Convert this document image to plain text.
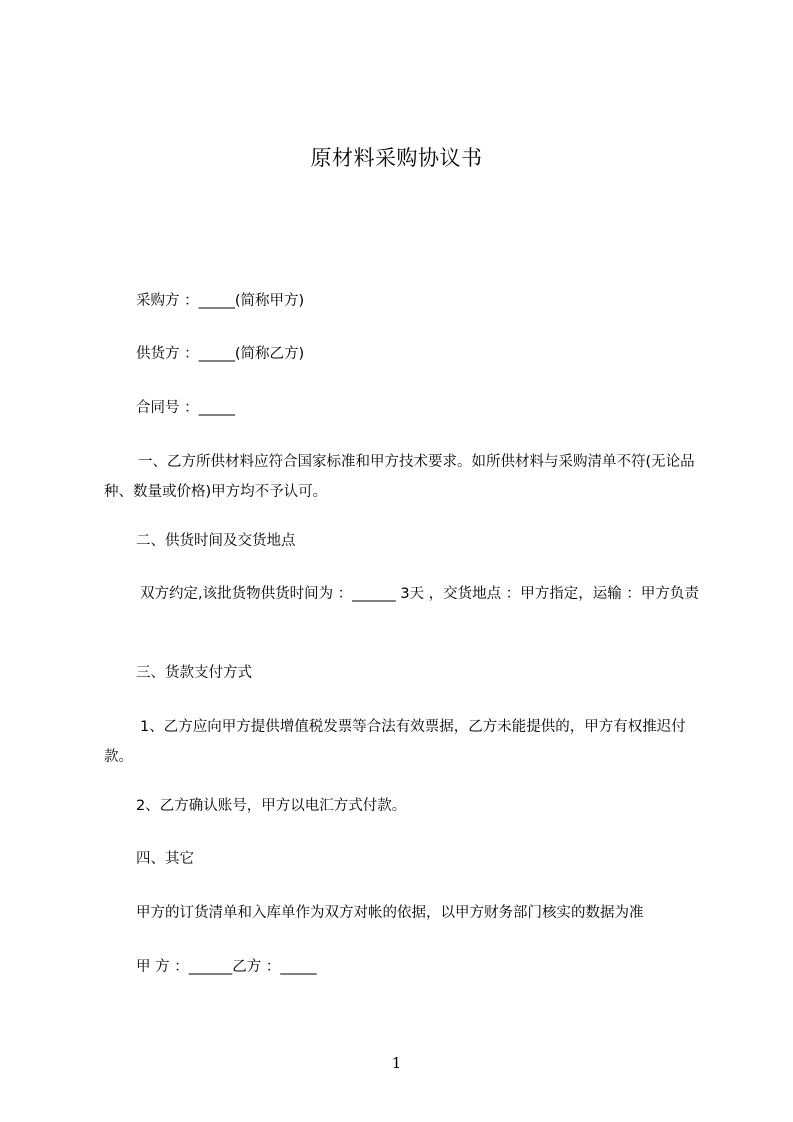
原材料采购协议书
采购方 ：_____(简称甲方)
供货方 ：_____(简称乙方)
合同号 ：_____
一、乙方所供材料应符合国家标准和甲方技术要求。如所供材料与采购清单不符(无论品种、数量或价格)甲方均不予认可。
二、供货时间及交货地点
双方约定,该批货物供货时间为 ：______ 3天 ，交货地点 ：甲方指定，运输 ：甲方负责
三、货款支付方式
1、乙方应向甲方提供增值税发票等合法有效票据，乙方未能提供的，甲方有权推迟付款。
2、乙方确认账号，甲方以电汇方式付款。
四、其它
甲方的订货清单和入库单作为双方对帐的依据，以甲方财务部门核实的数据为准
甲 方 ：______乙方 ：_____
1
